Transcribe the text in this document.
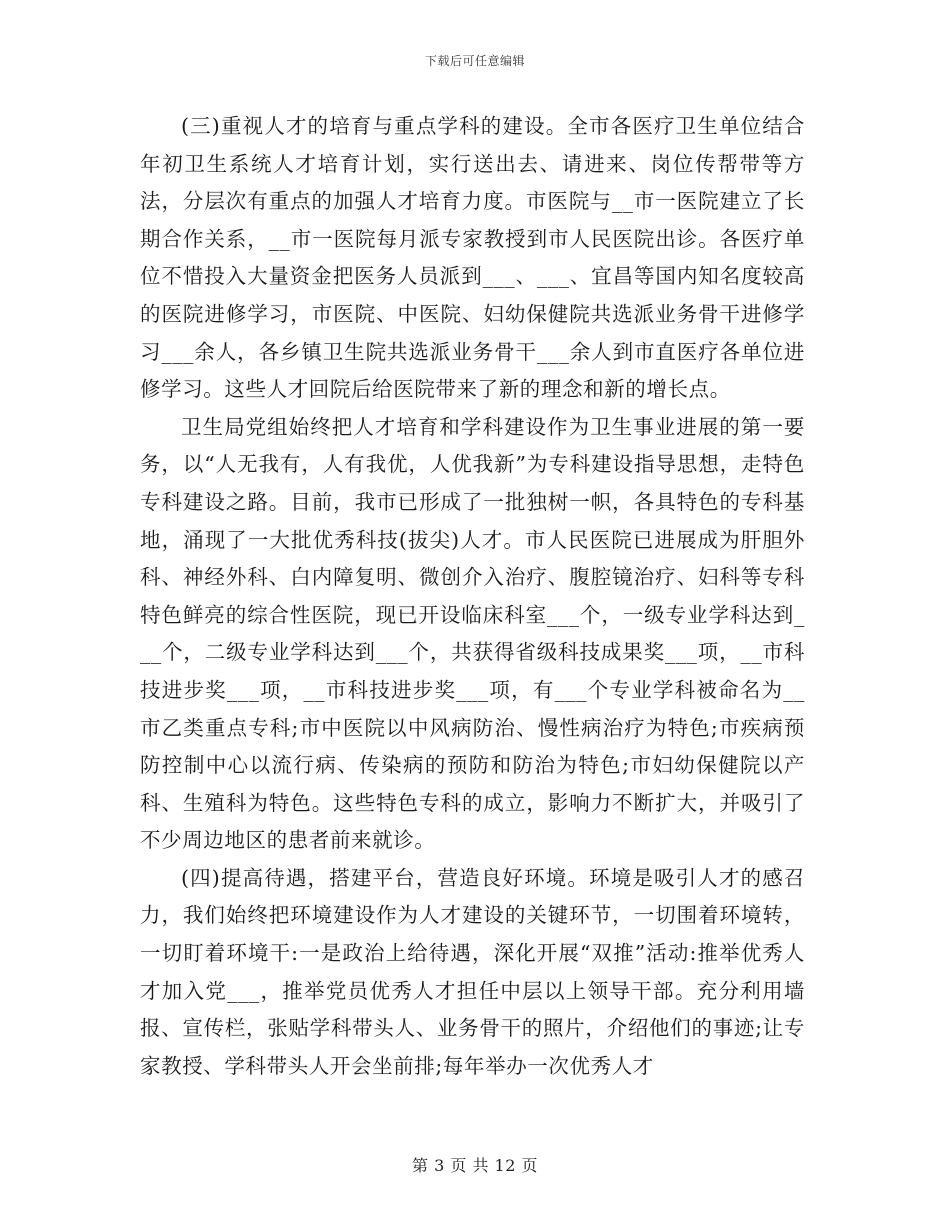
下载后可任意编辑

(三)重视人才的培育与重点学科的建设。全市各医疗卫生单位结合年初卫生系统人才培育计划，实行送出去、请进来、岗位传帮带等方法，分层次有重点的加强人才培育力度。市医院与__市一医院建立了长期合作关系，__市一医院每月派专家教授到市人民医院出诊。各医疗单位不惜投入大量资金把医务人员派到___、___、宜昌等国内知名度较高的医院进修学习，市医院、中医院、妇幼保健院共选派业务骨干进修学习___余人，各乡镇卫生院共选派业务骨干___余人到市直医疗各单位进修学习。这些人才回院后给医院带来了新的理念和新的增长点。

卫生局党组始终把人才培育和学科建设作为卫生事业进展的第一要务，以“人无我有，人有我优，人优我新”为专科建设指导思想，走特色专科建设之路。目前，我市已形成了一批独树一帜，各具特色的专科基地，涌现了一大批优秀科技(拔尖)人才。市人民医院已进展成为肝胆外科、神经外科、白内障复明、微创介入治疗、腹腔镜治疗、妇科等专科特色鲜亮的综合性医院，现已开设临床科室___个，一级专业学科达到___个，二级专业学科达到___个，共获得省级科技成果奖___项，__市科技进步奖___项，__市科技进步奖___项，有___个专业学科被命名为__市乙类重点专科;市中医院以中风病防治、慢性病治疗为特色;市疾病预防控制中心以流行病、传染病的预防和防治为特色;市妇幼保健院以产科、生殖科为特色。这些特色专科的成立，影响力不断扩大，并吸引了不少周边地区的患者前来就诊。

(四)提高待遇，搭建平台，营造良好环境。环境是吸引人才的感召力，我们始终把环境建设作为人才建设的关键环节，一切围着环境转，一切盯着环境干:一是政治上给待遇，深化开展“双推”活动:推举优秀人才加入党___，推举党员优秀人才担任中层以上领导干部。充分利用墙报、宣传栏，张贴学科带头人、业务骨干的照片，介绍他们的事迹;让专家教授、学科带头人开会坐前排;每年举办一次优秀人才

第 3 页 共 12 页
